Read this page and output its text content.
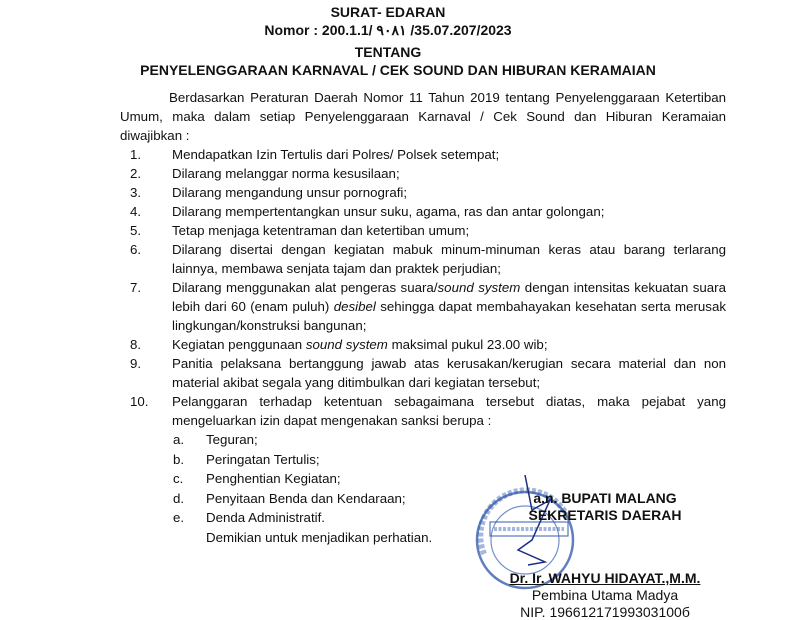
SURAT- EDARAN
Nomor : 200.1.1/ ٩٠٨١ /35.07.207/2023
TENTANG
PENYELENGGARAAN KARNAVAL / CEK SOUND DAN HIBURAN KERAMAIAN

Berdasarkan Peraturan Daerah Nomor 11 Tahun 2019 tentang Penyelenggaraan Ketertiban Umum, maka dalam setiap Penyelenggaraan Karnaval / Cek Sound dan Hiburan Keramaian diwajibkan :

1.	Mendapatkan Izin Tertulis dari Polres/ Polsek setempat;
2.	Dilarang melanggar norma kesusilaan;
3.	Dilarang mengandung unsur pornografi;
4.	Dilarang mempertentangkan unsur suku, agama, ras dan antar golongan;
5.	Tetap menjaga ketentraman dan ketertiban umum;
6.	Dilarang disertai dengan kegiatan mabuk minum-minuman keras atau barang terlarang lainnya, membawa senjata tajam dan praktek perjudian;
7.	Dilarang menggunakan alat pengeras suara/sound system dengan intensitas kekuatan suara lebih dari 60 (enam puluh) desibel sehingga dapat membahayakan kesehatan serta merusak lingkungan/konstruksi bangunan;
8.	Kegiatan penggunaan sound system maksimal pukul 23.00 wib;
9.	Panitia pelaksana bertanggung jawab atas kerusakan/kerugian secara material dan non material akibat segala yang ditimbulkan dari kegiatan tersebut;
10.	Pelanggaran terhadap ketentuan sebagaimana tersebut diatas, maka pejabat yang mengeluarkan izin dapat mengenakan sanksi berupa :
a.	Teguran;
b.	Peringatan Tertulis;
c.	Penghentian Kegiatan;
d.	Penyitaan Benda dan Kendaraan;
e.	Denda Administratif.
Demikian untuk menjadikan perhatian.
a.n. BUPATI MALANG
SEKRETARIS DAERAH
Dr. Ir. WAHYU HIDAYAT.,M.M.
Pembina Utama Madya
NIP. 19661217199303100б
